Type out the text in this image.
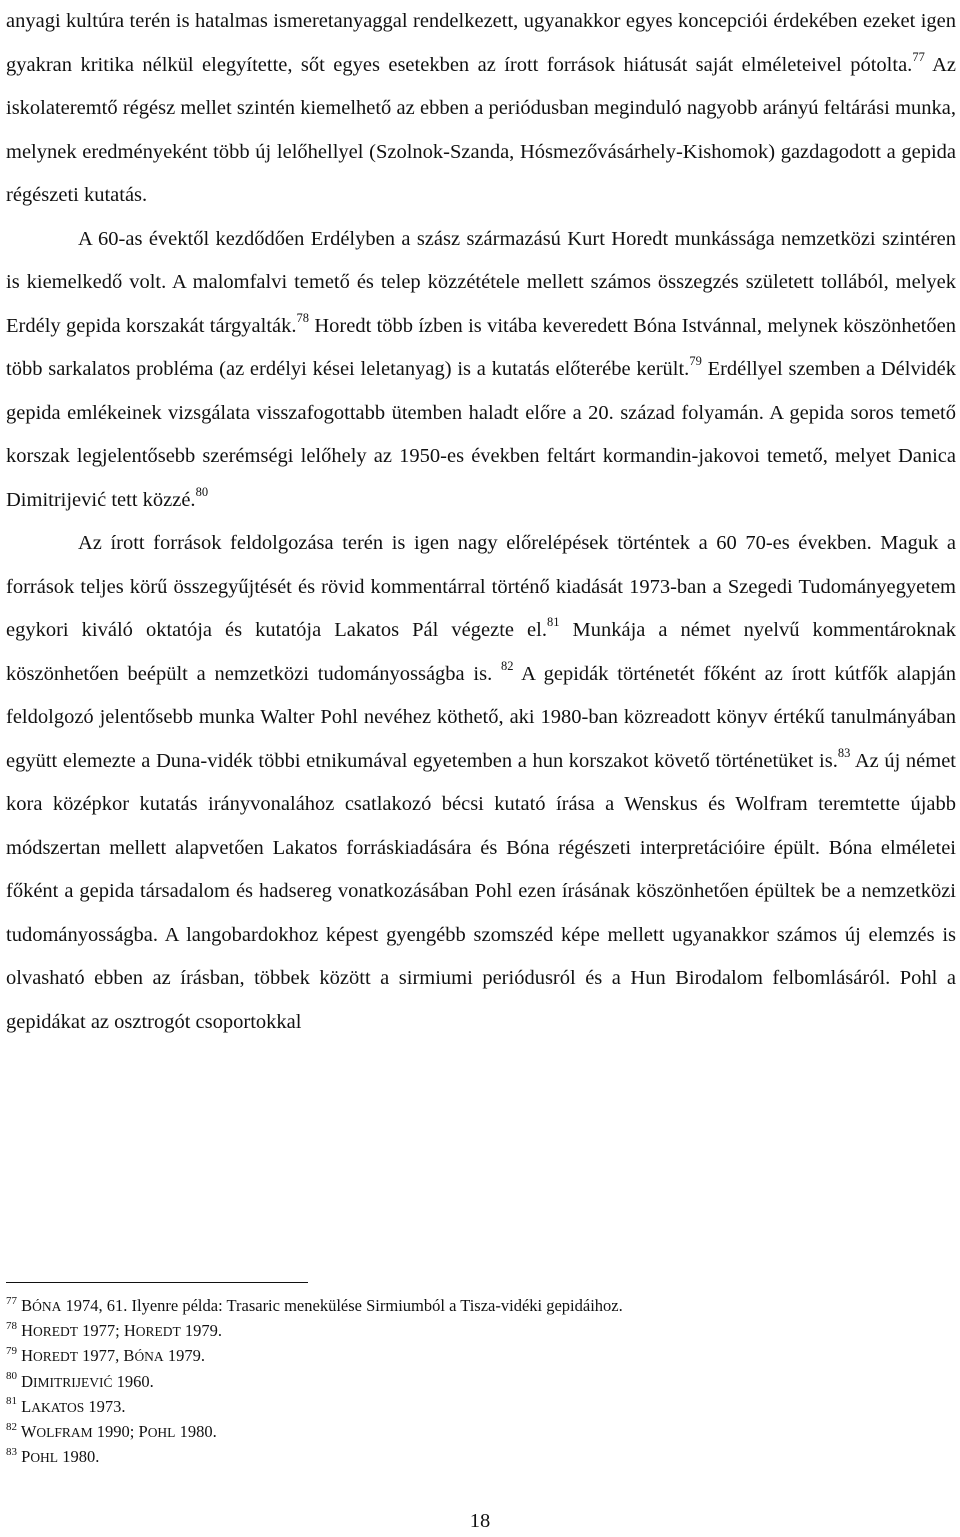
anyagi kultúra terén is hatalmas ismeretanyaggal rendelkezett, ugyanakkor egyes koncepciói érdekében ezeket igen gyakran kritika nélkül elegyítette, sőt egyes esetekben az írott források hiátusát saját elméleteivel pótolta.$^{77}$ Az iskolateremtő régész mellet szintén kiemelhető az ebben a periódusban meginduló nagyobb arányú feltárási munka, melynek eredményeként több új lelőhellyel (Szolnok-Szanda, Hósmezővásárhely-Kishomok) gazdagodott a gepida régészeti kutatás.

A 60-as évektől kezdődően Erdélyben a szász származású Kurt Horedt munkássága nemzetközi szintéren is kiemelkedő volt. A malomfalvi temető és telep közzététele mellett számos összegzés született tollából, melyek Erdély gepida korszakát tárgyalták.$^{78}$ Horedt több ízben is vitába keveredett Bóna Istvánnal, melynek köszönhetően több sarkalatos probléma (az erdélyi kései leletanyag) is a kutatás előterébe került.$^{79}$ Erdéllyel szemben a Délvidék gepida emlékeinek vizsgálata visszafogottabb ütemben haladt előre a 20. század folyamán. A gepida soros temető korszak legjelentősebb szerémségi lelőhely az 1950-es években feltárt kormandin-jakovoi temető, melyet Danica Dimitrijević tett közzé.$^{80}$

Az írott források feldolgozása terén is igen nagy előrelépések történtek a 60 70-es években. Maguk a források teljes körű összegyűjtését és rövid kommentárral történő kiadását 1973-ban a Szegedi Tudományegyetem egykori kiváló oktatója és kutatója Lakatos Pál végezte el.$^{81}$ Munkája a német nyelvű kommentároknak köszönhetően beépült a nemzetközi tudományosságba is. $^{82}$ A gepidák történetét főként az írott kútfők alapján feldolgozó jelentősebb munka Walter Pohl nevéhez köthető, aki 1980-ban közreadott könyv értékű tanulmányában együtt elemezte a Duna-vidék többi etnikumával egyetemben a hun korszakot követő történetüket is.$^{83}$ Az új német kora középkor kutatás irányvonalához csatlakozó bécsi kutató írása a Wenskus és Wolfram teremtette újabb módszertan mellett alapvetően Lakatos forráskiadására és Bóna régészeti interpretációire épült. Bóna elméletei főként a gepida társadalom és hadsereg vonatkozásában Pohl ezen írásának köszönhetően épültek be a nemzetközi tudományosságba. A langobardokhoz képest gyengébb szomszéd képe mellett ugyanakkor számos új elemzés is olvasható ebben az írásban, többek között a sirmiumi periódusról és a Hun Birodalom felbomlásáról. Pohl a gepidákat az osztrogót csoportokkal

$^{77}$ BÓNA 1974, 61. Ilyenre példa: Trasaric menekülése Sirmiumból a Tisza-vidéki gepidáihoz.
$^{78}$ HOREDT 1977; HOREDT 1979.
$^{79}$ HOREDT 1977, BÓNA 1979.
$^{80}$ DIMITRIJEVIĆ 1960.
$^{81}$ LAKATOS 1973.
$^{82}$ WOLFRAM 1990; POHL 1980.
$^{83}$ POHL 1980.
18
